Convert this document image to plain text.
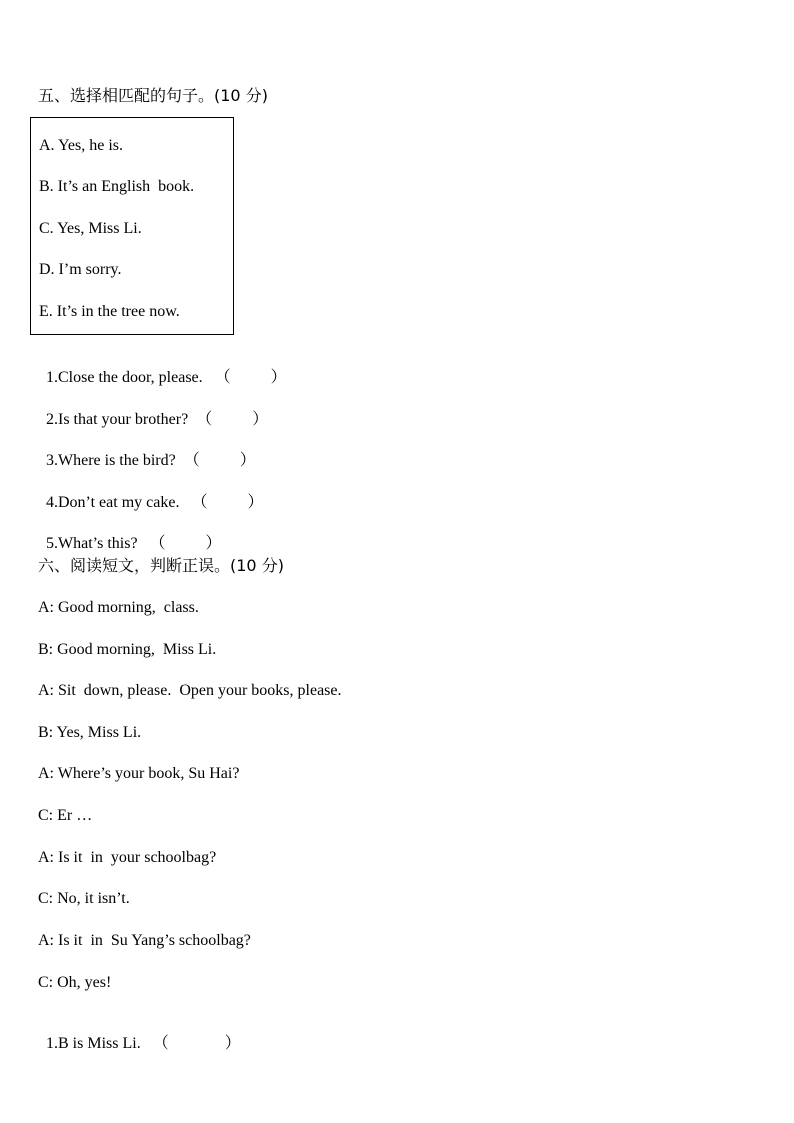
五、选择相匹配的句子。(10 分)
A. Yes, he is.
B. It’s an English  book.
C. Yes, Miss Li.
D. I’m sorry.
E. It’s in the tree now.

1.Close the door, please. （          ）

2.Is that your brother? （          ）

3.Where is the bird? （          ）

4.Don’t eat my cake. （          ）

5.What’s this? （          ）

六、阅读短文，判断正误。(10 分)
A: Good morning,  class.
B: Good morning,  Miss Li.
A: Sit  down, please.  Open your books, please.
B: Yes, Miss Li.
A: Where’s your book, Su Hai?
C: Er …
A: Is it  in  your schoolbag?
C: No, it isn’t.
A: Is it  in  Su Yang’s schoolbag?
C: Oh, yes!

1.B is Miss Li. （              ）
